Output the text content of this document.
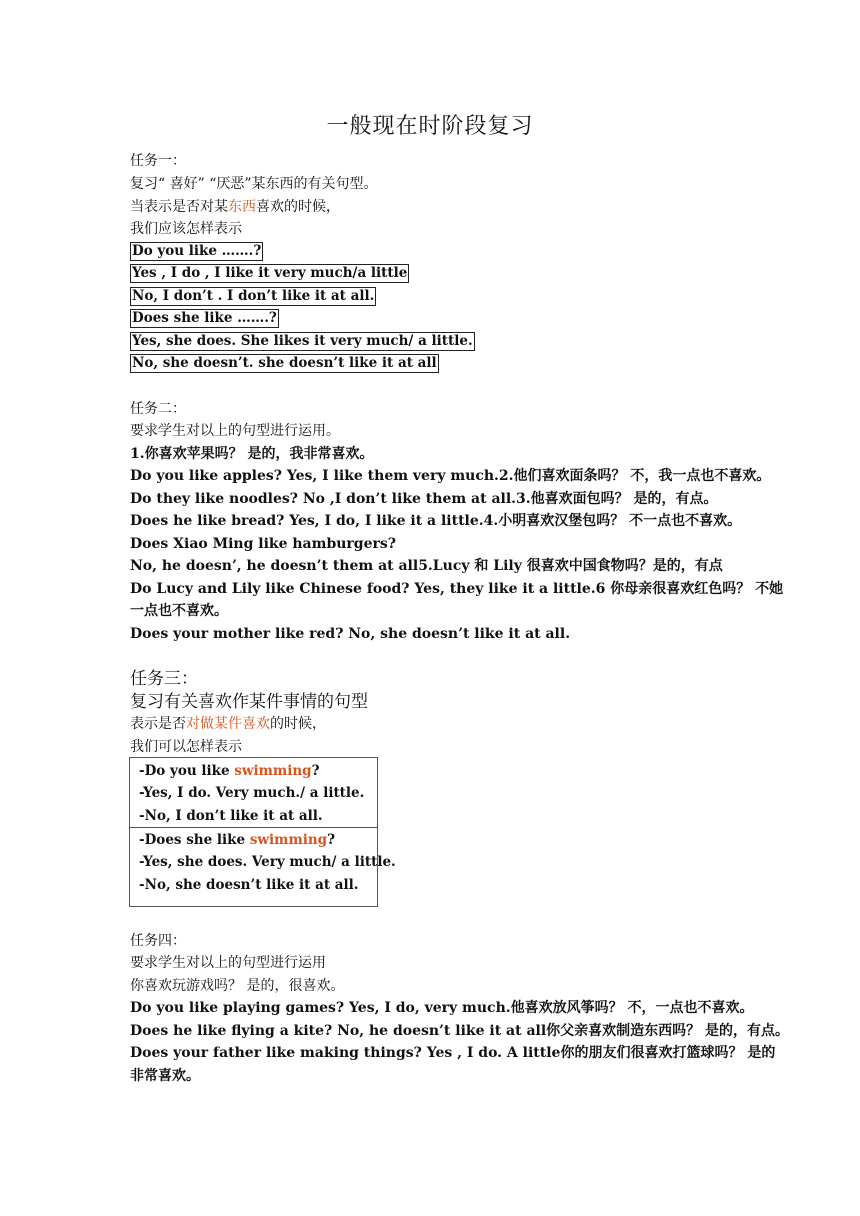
一般现在时阶段复习
任务一：
复习“ 喜好” “厌恶”某东西的有关句型。
当表示是否对某东西喜欢的时候，
我们应该怎样表示
Do you like …….?
Yes , I do , I like it very much/a little
No, I don’t . I don’t like it at all.
Does she like …….?
Yes, she does. She likes it very much/ a little.
No, she doesn’t. she doesn’t like it at all
任务二：
要求学生对以上的句型进行运用。
1.你喜欢苹果吗？ 是的，我非常喜欢。
Do you like apples? Yes, I like them very much.2.他们喜欢面条吗？ 不，我一点也不喜欢。
Do they like noodles? No ,I don’t like them at all.3.他喜欢面包吗？ 是的，有点。
Does he like bread? Yes, I do, I like it a little.4.小明喜欢汉堡包吗？ 不一点也不喜欢。
Does Xiao Ming like hamburgers?
No, he doesn’, he doesn’t them at all5.Lucy 和 Lily 很喜欢中国食物吗？是的，有点
Do Lucy and Lily like Chinese food? Yes, they like it a little.6 你母亲很喜欢红色吗？ 不她
一点也不喜欢。
Does your mother like red? No, she doesn’t like it at all.
任务三：
复习有关喜欢作某件事情的句型
表示是否对做某件喜欢的时候，
我们可以怎样表示
-Do you like swimming?
-Yes, I do. Very much./ a little.
-No, I don’t like it at all.
-Does she like swimming?
-Yes, she does. Very much/ a little.
-No, she doesn’t like it at all.
任务四：
要求学生对以上的句型进行运用
你喜欢玩游戏吗？ 是的，很喜欢。
Do you like playing games? Yes, I do, very much.他喜欢放风筝吗？ 不，一点也不喜欢。
Does he like flying a kite? No, he doesn’t like it at all你父亲喜欢制造东西吗？ 是的，有点。
Does your father like making things? Yes , I do. A little你的朋友们很喜欢打篮球吗？ 是的
非常喜欢。
